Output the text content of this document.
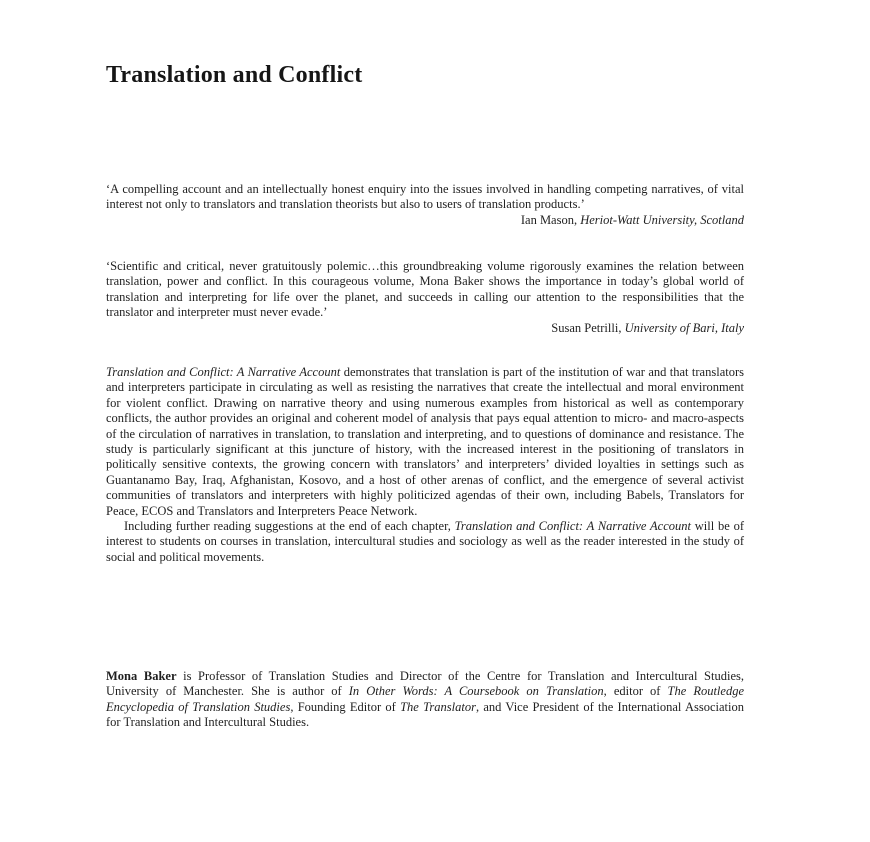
Translation and Conflict

‘A compelling account and an intellectually honest enquiry into the issues involved in handling competing narratives, of vital interest not only to translators and translation theorists but also to users of translation products.’

Ian Mason, Heriot-Watt University, Scotland

‘Scientific and critical, never gratuitously polemic…this groundbreaking volume rigorously examines the relation between translation, power and conflict. In this courageous volume, Mona Baker shows the importance in today’s global world of translation and interpreting for life over the planet, and succeeds in calling our attention to the responsibilities that the translator and interpreter must never evade.’

Susan Petrilli, University of Bari, Italy

Translation and Conflict: A Narrative Account demonstrates that translation is part of the institution of war and that translators and interpreters participate in circulating as well as resisting the narratives that create the intellectual and moral environment for violent conflict. Drawing on narrative theory and using numerous examples from historical as well as contemporary conflicts, the author provides an original and coherent model of analysis that pays equal attention to micro- and macro-aspects of the circulation of narratives in translation, to translation and interpreting, and to questions of dominance and resistance. The study is particularly significant at this juncture of history, with the increased interest in the positioning of translators in politically sensitive contexts, the growing concern with translators’ and interpreters’ divided loyalties in settings such as Guantanamo Bay, Iraq, Afghanistan, Kosovo, and a host of other arenas of conflict, and the emergence of several activist communities of translators and interpreters with highly politicized agendas of their own, including Babels, Translators for Peace, ECOS and Translators and Interpreters Peace Network.

Including further reading suggestions at the end of each chapter, Translation and Conflict: A Narrative Account will be of interest to students on courses in translation, intercultural studies and sociology as well as the reader interested in the study of social and political movements.

Mona Baker is Professor of Translation Studies and Director of the Centre for Translation and Intercultural Studies, University of Manchester. She is author of In Other Words: A Coursebook on Translation, editor of The Routledge Encyclopedia of Translation Studies, Founding Editor of The Translator, and Vice President of the International Association for Translation and Intercultural Studies.
